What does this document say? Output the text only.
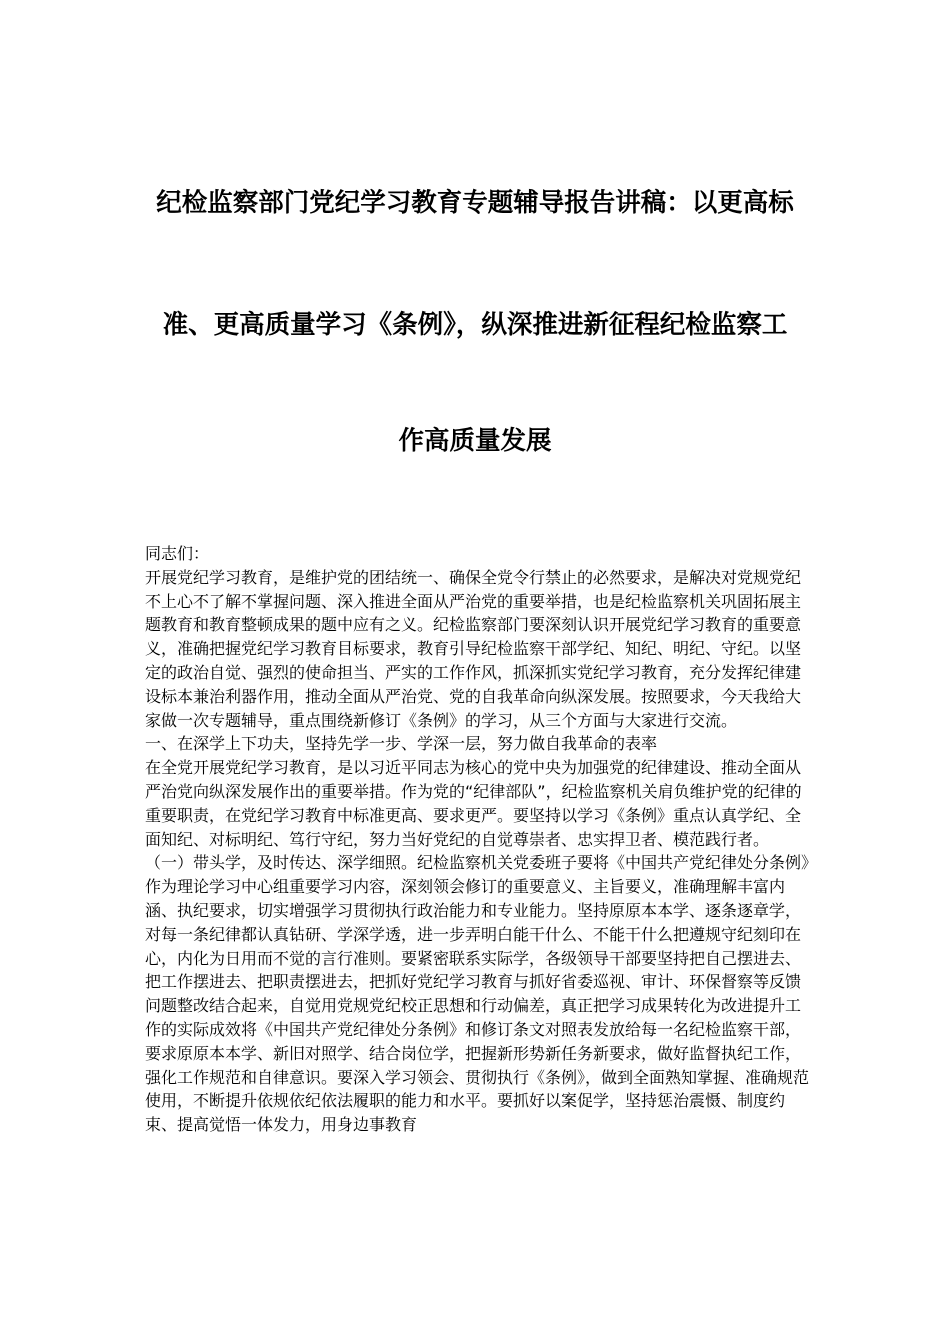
纪检监察部门党纪学习教育专题辅导报告讲稿：以更高标
准、更高质量学习《条例》，纵深推进新征程纪检监察工
作高质量发展

同志们：

开展党纪学习教育，是维护党的团结统一、确保全党令行禁止的必然要求，是解决对党规党纪不上心不了解不掌握问题、深入推进全面从严治党的重要举措，也是纪检监察机关巩固拓展主题教育和教育整顿成果的题中应有之义。纪检监察部门要深刻认识开展党纪学习教育的重要意义，准确把握党纪学习教育目标要求，教育引导纪检监察干部学纪、知纪、明纪、守纪。以坚定的政治自觉、强烈的使命担当、严实的工作作风，抓深抓实党纪学习教育，充分发挥纪律建设标本兼治利器作用，推动全面从严治党、党的自我革命向纵深发展。按照要求，今天我给大家做一次专题辅导，重点围绕新修订《条例》的学习，从三个方面与大家进行交流。

一、在深学上下功夫，坚持先学一步、学深一层，努力做自我革命的表率

在全党开展党纪学习教育，是以习近平同志为核心的党中央为加强党的纪律建设、推动全面从严治党向纵深发展作出的重要举措。作为党的“纪律部队”，纪检监察机关肩负维护党的纪律的重要职责，在党纪学习教育中标准更高、要求更严。要坚持以学习《条例》重点认真学纪、全面知纪、对标明纪、笃行守纪，努力当好党纪的自觉尊崇者、忠实捍卫者、模范践行者。

（一）带头学，及时传达、深学细照。纪检监察机关党委班子要将《中国共产党纪律处分条例》作为理论学习中心组重要学习内容，深刻领会修订的重要意义、主旨要义，准确理解丰富内涵、执纪要求，切实增强学习贯彻执行政治能力和专业能力。坚持原原本本学、逐条逐章学，对每一条纪律都认真钻研、学深学透，进一步弄明白能干什么、不能干什么把遵规守纪刻印在心，内化为日用而不觉的言行准则。要紧密联系实际学，各级领导干部要坚持把自己摆进去、把工作摆进去、把职责摆进去，把抓好党纪学习教育与抓好省委巡视、审计、环保督察等反馈问题整改结合起来，自觉用党规党纪校正思想和行动偏差，真正把学习成果转化为改进提升工作的实际成效将《中国共产党纪律处分条例》和修订条文对照表发放给每一名纪检监察干部，要求原原本本学、新旧对照学、结合岗位学，把握新形势新任务新要求，做好监督执纪工作，强化工作规范和自律意识。要深入学习领会、贯彻执行《条例》，做到全面熟知掌握、准确规范使用，不断提升依规依纪依法履职的能力和水平。要抓好以案促学，坚持惩治震慑、制度约束、提高觉悟一体发力，用身边事教育
